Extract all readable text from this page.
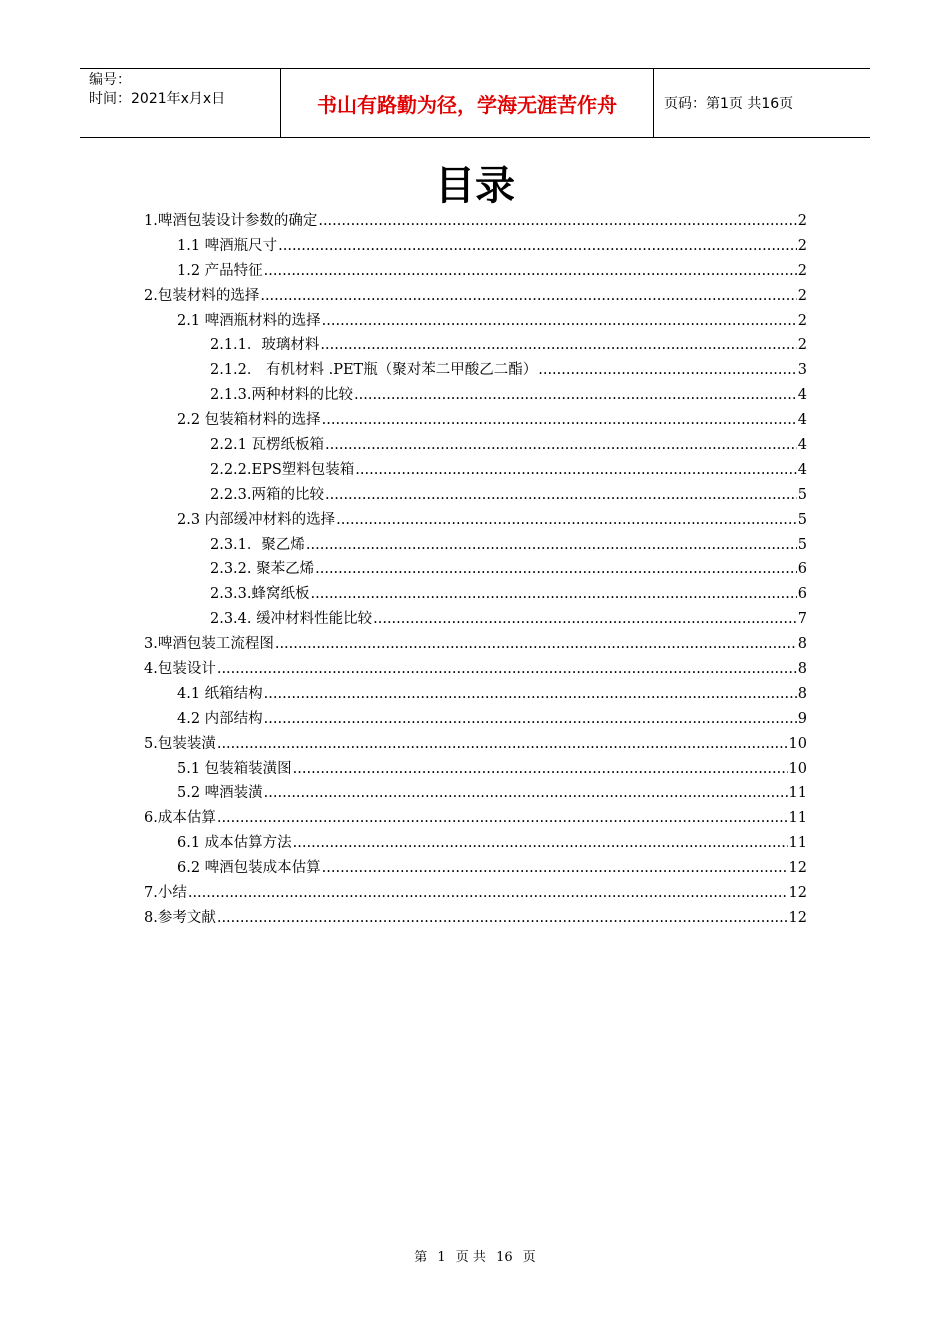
编号：
时间：2021年x月x日	书山有路勤为径，学海无涯苦作舟	页码：第1页 共16页
目录
1.啤酒包装设计参数的确定 .....	2
1.1 啤酒瓶尺寸 .....	2
1.2 产品特征 .....	2
2.包装材料的选择 .....	2
2.1 啤酒瓶材料的选择 .....	2
2.1.1．玻璃材料 .....	2
2.1.2． 有机材料 .PET瓶（聚对苯二甲酸乙二酯） .....	3
2.1.3.两种材料的比较 .....	4
2.2 包装箱材料的选择 .....	4
2.2.1 瓦楞纸板箱 .....	4
2.2.2.EPS塑料包装箱 .....	4
2.2.3.两箱的比较 .....	5
2.3 内部缓冲材料的选择 .....	5
2.3.1．聚乙烯 .....	5
2.3.2. 聚苯乙烯 .....	6
2.3.3.蜂窝纸板 .....	6
2.3.4. 缓冲材料性能比较 .....	7
3.啤酒包装工流程图 .....	8
4.包装设计 .....	8
4.1 纸箱结构 .....	8
4.2 内部结构 .....	9
5.包装装潢 .....	10
5.1 包装箱装潢图 .....	10
5.2 啤酒装潢 .....	11
6.成本估算 .....	11
6.1 成本估算方法 .....	11
6.2 啤酒包装成本估算 .....	12
7.小结 .....	12
8.参考文献 .....	12
第 1 页 共 16 页
